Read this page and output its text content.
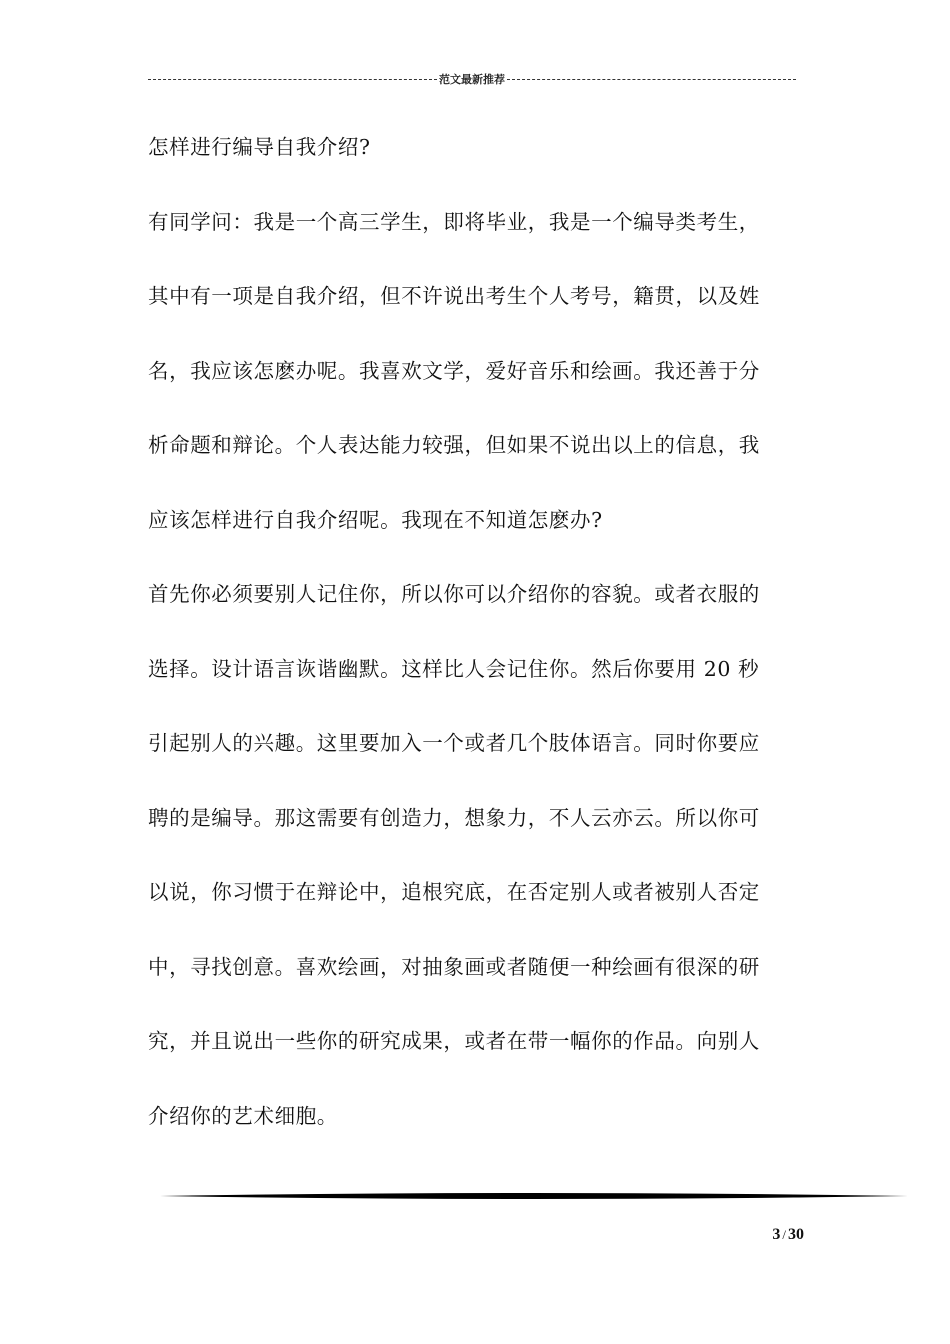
范文最新推荐
怎样进行编导自我介绍?
有同学问：我是一个高三学生，即将毕业，我是一个编导类考生，
其中有一项是自我介绍，但不许说出考生个人考号，籍贯，以及姓
名，我应该怎麽办呢。我喜欢文学，爱好音乐和绘画。我还善于分
析命题和辩论。个人表达能力较强，但如果不说出以上的信息，我
应该怎样进行自我介绍呢。我现在不知道怎麽办?
首先你必须要别人记住你，所以你可以介绍你的容貌。或者衣服的
选择。设计语言诙谐幽默。这样比人会记住你。然后你要用 20 秒
引起别人的兴趣。这里要加入一个或者几个肢体语言。同时你要应
聘的是编导。那这需要有创造力，想象力，不人云亦云。所以你可
以说，你习惯于在辩论中，追根究底，在否定别人或者被别人否定
中，寻找创意。喜欢绘画，对抽象画或者随便一种绘画有很深的研
究，并且说出一些你的研究成果，或者在带一幅你的作品。向别人
介绍你的艺术细胞。
3 / 30
